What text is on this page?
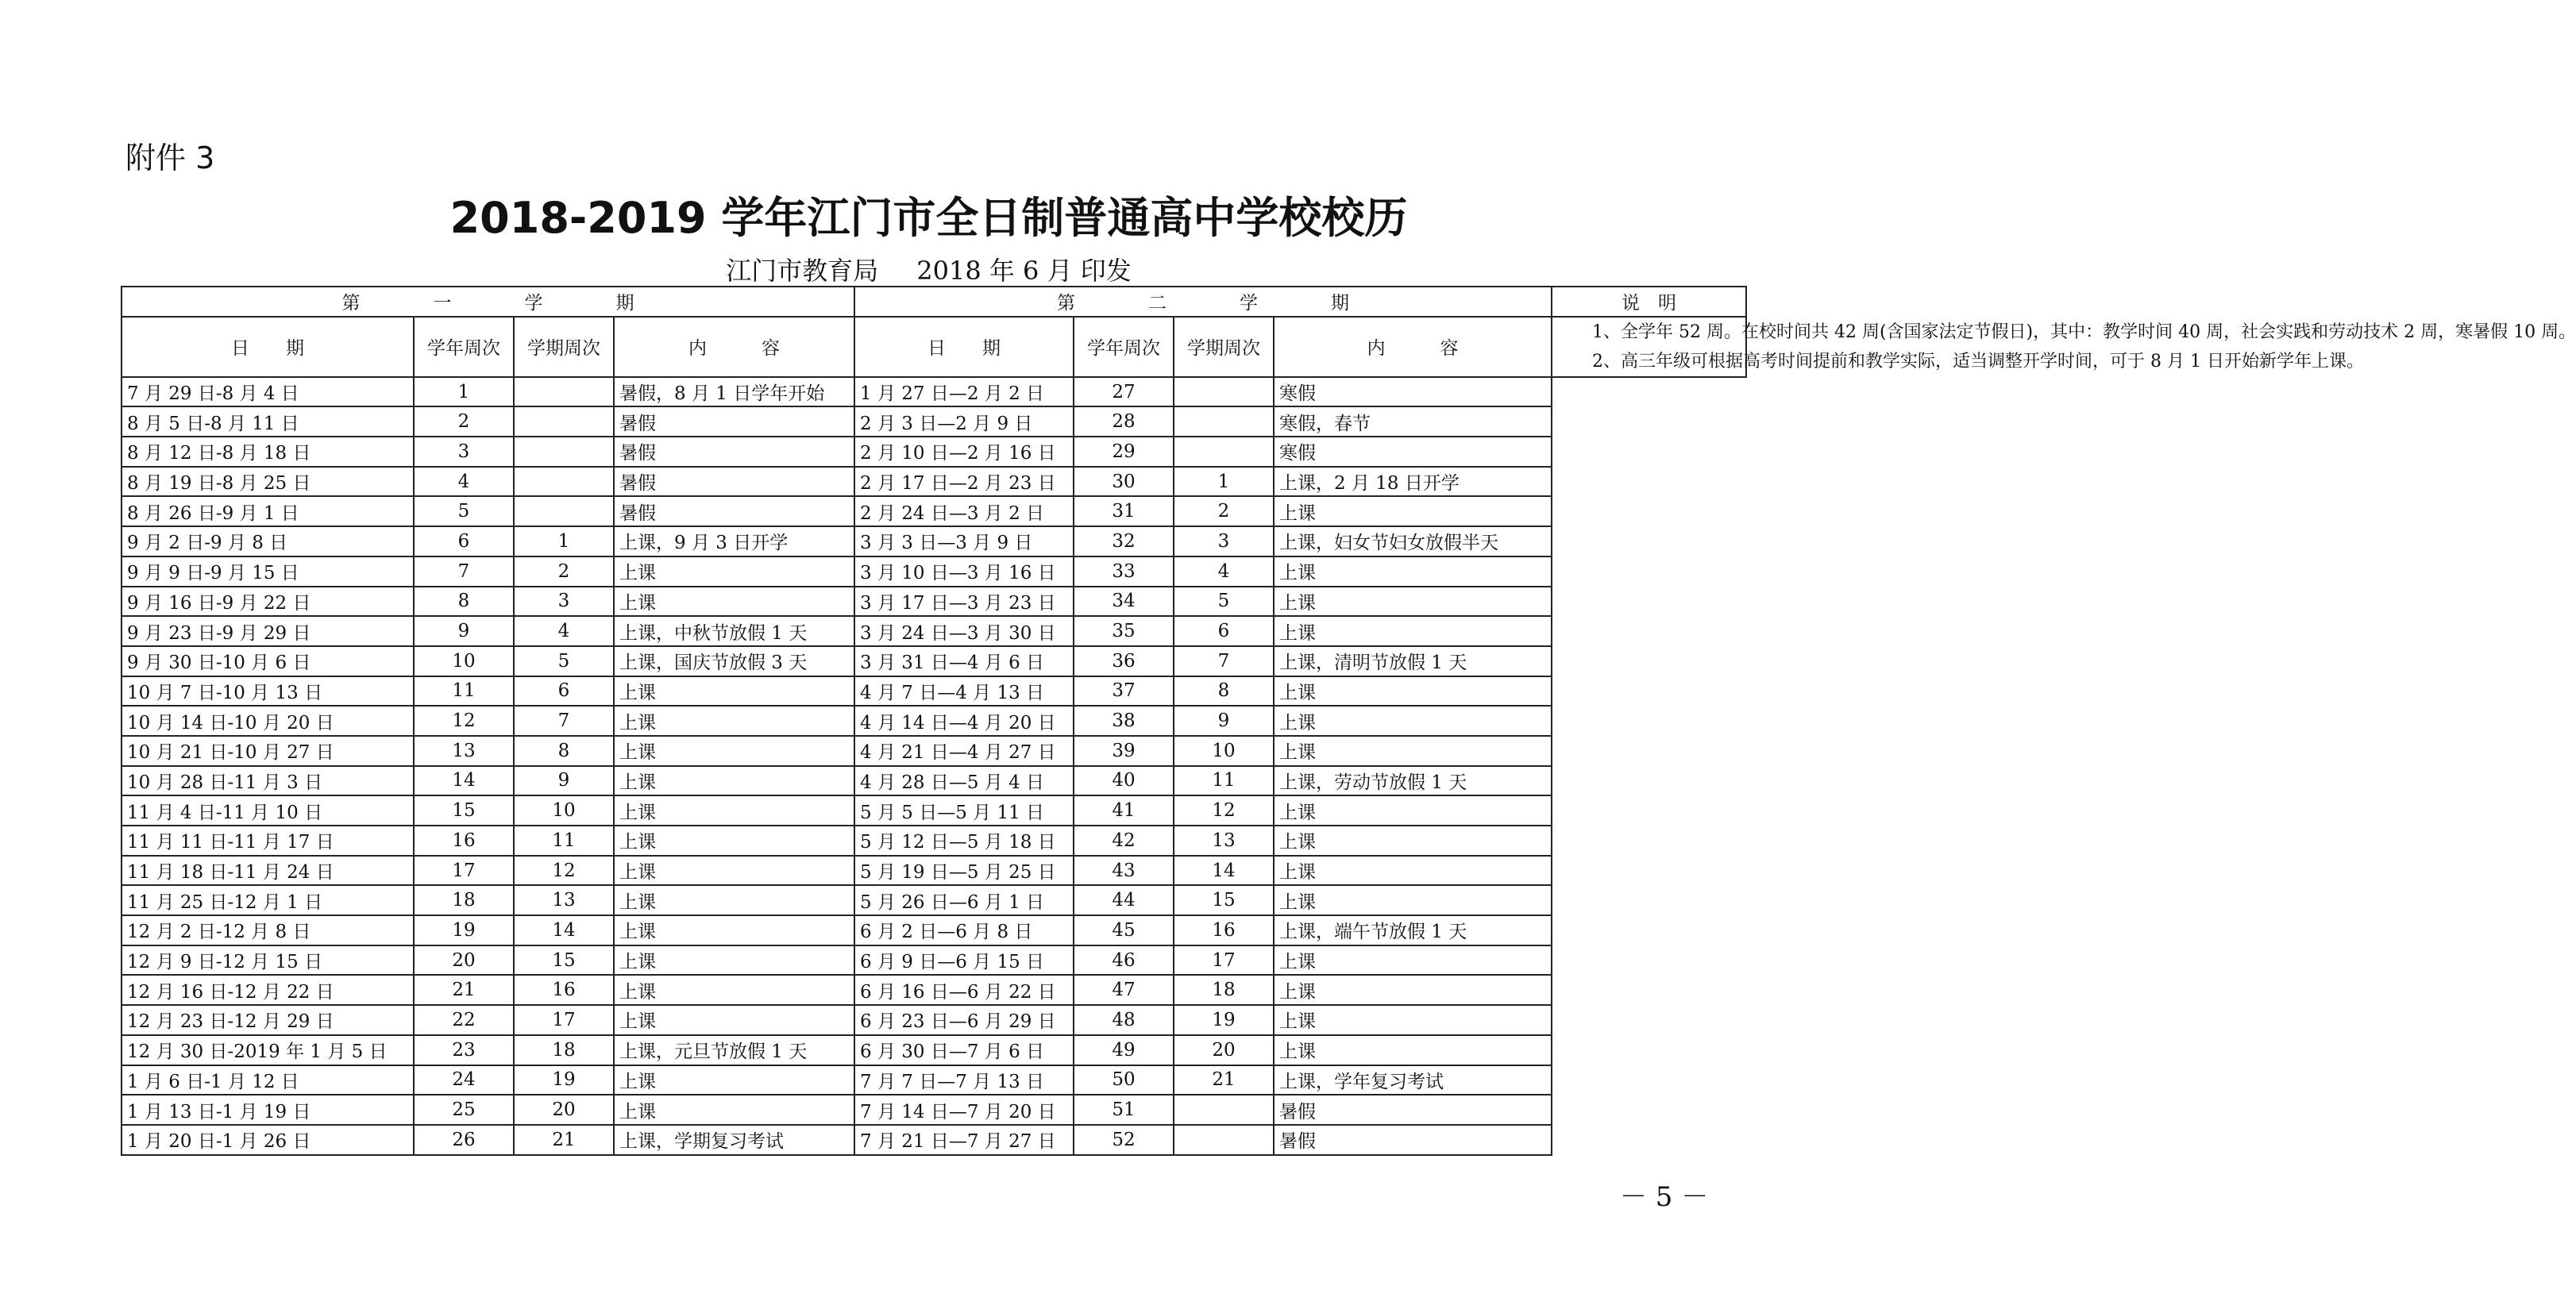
附件 3
2018-2019 学年江门市全日制普通高中学校校历
江门市教育局 2018 年 6 月 印发
第　　　　一　　　　学　　　　期				第　　　　二　　　　学　　　　期				说　明
日　　期	学年周次	学期周次	内　　　容	日　　期	学年周次	学期周次	内　　　容	1、全学年 52 周。在校时间共 42 周(含国家法定节假日)，其中：教学时间 40 周，社会实践和劳动技术 2 周，寒暑假 10 周。

2、高三年级可根据高考时间提前和教学实际，适当调整开学时间，可于 8 月 1 日开始新学年上课。

7 月 29 日-8 月 4 日	1		暑假，8 月 1 日学年开始	1 月 27 日—2 月 2 日	27		寒假	
8 月 5 日-8 月 11 日	2		暑假	2 月 3 日—2 月 9 日	28		寒假，春节	
8 月 12 日-8 月 18 日	3		暑假	2 月 10 日—2 月 16 日	29		寒假	
8 月 19 日-8 月 25 日	4		暑假	2 月 17 日—2 月 23 日	30	1	上课，2 月 18 日开学	
8 月 26 日-9 月 1 日	5		暑假	2 月 24 日—3 月 2 日	31	2	上课	
9 月 2 日-9 月 8 日	6	1	上课，9 月 3 日开学	3 月 3 日—3 月 9 日	32	3	上课，妇女节妇女放假半天	
9 月 9 日-9 月 15 日	7	2	上课	3 月 10 日—3 月 16 日	33	4	上课	
9 月 16 日-9 月 22 日	8	3	上课	3 月 17 日—3 月 23 日	34	5	上课	
9 月 23 日-9 月 29 日	9	4	上课，中秋节放假 1 天	3 月 24 日—3 月 30 日	35	6	上课	
9 月 30 日-10 月 6 日	10	5	上课，国庆节放假 3 天	3 月 31 日—4 月 6 日	36	7	上课，清明节放假 1 天	
10 月 7 日-10 月 13 日	11	6	上课	4 月 7 日—4 月 13 日	37	8	上课	
10 月 14 日-10 月 20 日	12	7	上课	4 月 14 日—4 月 20 日	38	9	上课	
10 月 21 日-10 月 27 日	13	8	上课	4 月 21 日—4 月 27 日	39	10	上课	
10 月 28 日-11 月 3 日	14	9	上课	4 月 28 日—5 月 4 日	40	11	上课，劳动节放假 1 天	
11 月 4 日-11 月 10 日	15	10	上课	5 月 5 日—5 月 11 日	41	12	上课	
11 月 11 日-11 月 17 日	16	11	上课	5 月 12 日—5 月 18 日	42	13	上课	
11 月 18 日-11 月 24 日	17	12	上课	5 月 19 日—5 月 25 日	43	14	上课	
11 月 25 日-12 月 1 日	18	13	上课	5 月 26 日—6 月 1 日	44	15	上课	
12 月 2 日-12 月 8 日	19	14	上课	6 月 2 日—6 月 8 日	45	16	上课，端午节放假 1 天	
12 月 9 日-12 月 15 日	20	15	上课	6 月 9 日—6 月 15 日	46	17	上课	
12 月 16 日-12 月 22 日	21	16	上课	6 月 16 日—6 月 22 日	47	18	上课	
12 月 23 日-12 月 29 日	22	17	上课	6 月 23 日—6 月 29 日	48	19	上课	
12 月 30 日-2019 年 1 月 5 日	23	18	上课，元旦节放假 1 天	6 月 30 日—7 月 6 日	49	20	上课	
1 月 6 日-1 月 12 日	24	19	上课	7 月 7 日—7 月 13 日	50	21	上课，学年复习考试	
1 月 13 日-1 月 19 日	25	20	上课	7 月 14 日—7 月 20 日	51		暑假	
1 月 20 日-1 月 26 日	26	21	上课，学期复习考试	7 月 21 日—7 月 27 日	52		暑假	
－ 5 －
